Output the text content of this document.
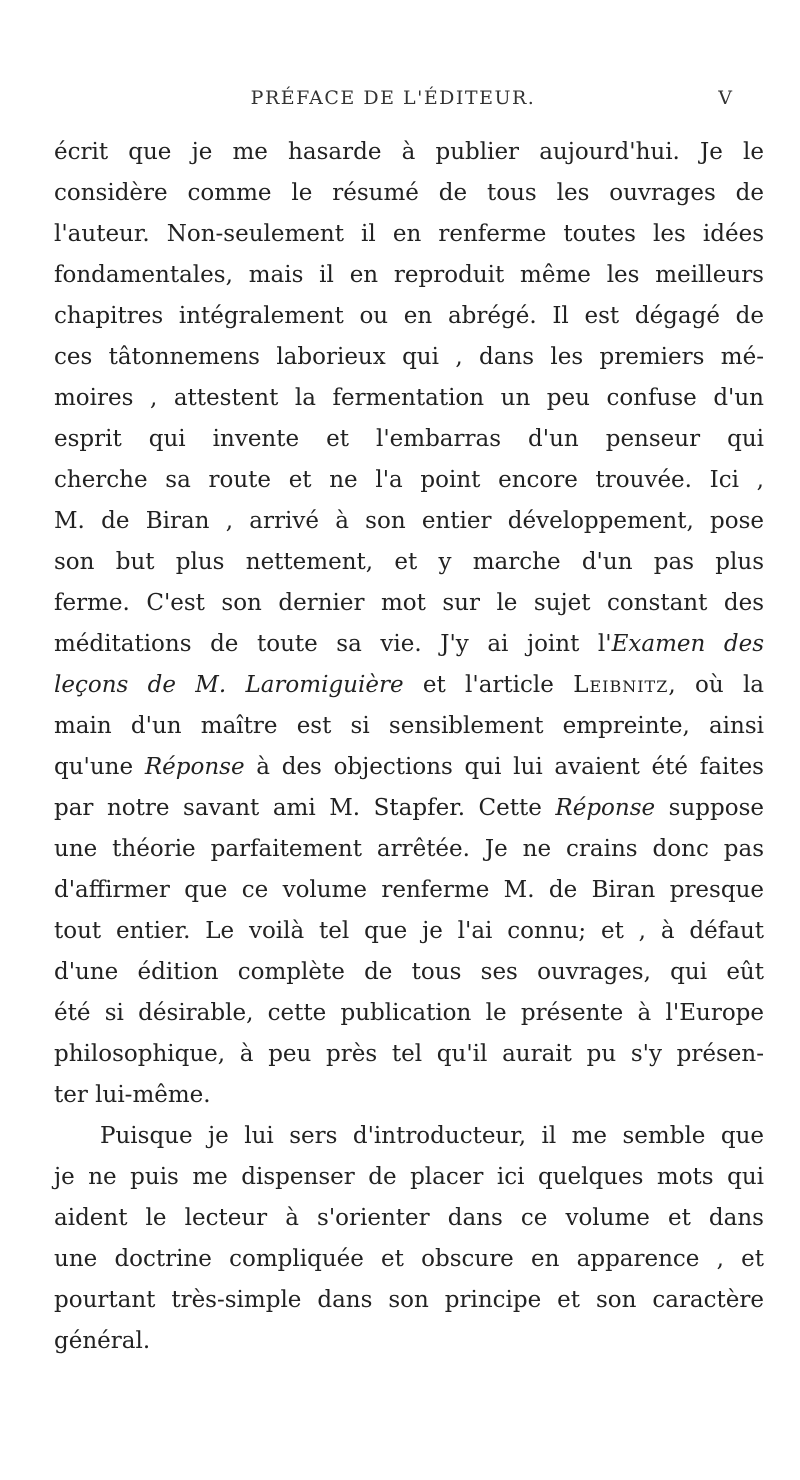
PRÉFACE DE L'ÉDITEUR.	V
écrit que je me hasarde à publier aujourd'hui. Je le
considère comme le résumé de tous les ouvrages de
l'auteur. Non-seulement il en renferme toutes les idées
fondamentales, mais il en reproduit même les meilleurs
chapitres intégralement ou en abrégé. Il est dégagé de
ces tâtonnemens laborieux qui , dans les premiers mé-
moires , attestent la fermentation un peu confuse d'un
esprit qui invente et l'embarras d'un penseur qui
cherche sa route et ne l'a point encore trouvée. Ici ,
M. de Biran , arrivé à son entier développement, pose
son but plus nettement, et y marche d'un pas plus
ferme. C'est son dernier mot sur le sujet constant des
méditations de toute sa vie. J'y ai joint l'Examen des
leçons de M. Laromiguière et l'article Leibnitz, où la
main d'un maître est si sensiblement empreinte, ainsi
qu'une Réponse à des objections qui lui avaient été faites
par notre savant ami M. Stapfer. Cette Réponse suppose
une théorie parfaitement arrêtée. Je ne crains donc pas
d'affirmer que ce volume renferme M. de Biran presque
tout entier. Le voilà tel que je l'ai connu; et , à défaut
d'une édition complète de tous ses ouvrages, qui eût
été si désirable, cette publication le présente à l'Europe
philosophique, à peu près tel qu'il aurait pu s'y présen-
ter lui-même.
Puisque je lui sers d'introducteur, il me semble que
je ne puis me dispenser de placer ici quelques mots qui
aident le lecteur à s'orienter dans ce volume et dans
une doctrine compliquée et obscure en apparence , et
pourtant très-simple dans son principe et son caractère
général.
